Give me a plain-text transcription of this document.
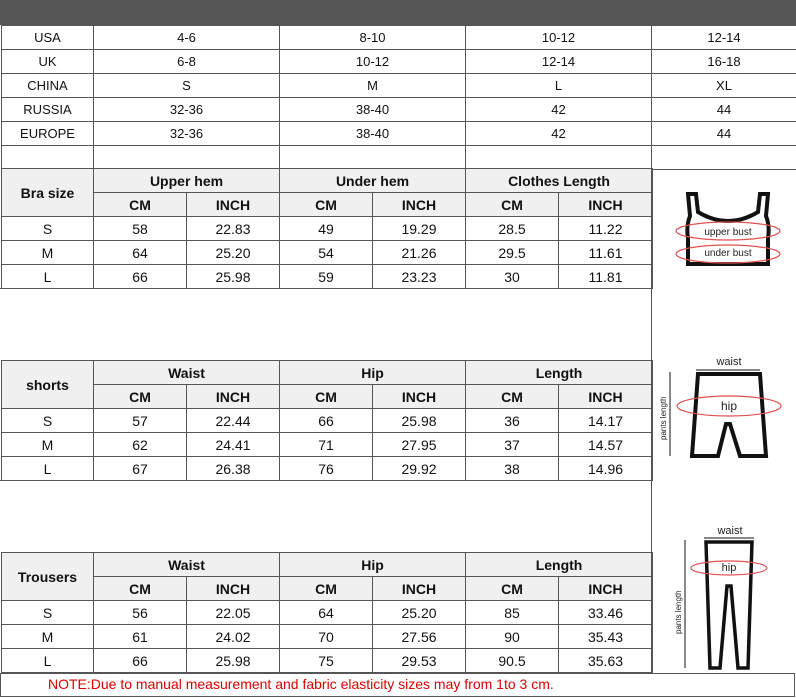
USA	4-6	8-10	10-12	12-14
UK	6-8	10-12	12-14	16-18
CHINA	S	M	L	XL
RUSSIA	32-36	38-40	42	44
EUROPE	32-36	38-40	42	44

Bra size	Upper hem		Under hem		Clothes Length	
	CM	INCH	CM	INCH	CM	INCH
S	58	22.83	49	19.29	28.5	11.22
M	64	25.20	54	21.26	29.5	11.61
L	66	25.98	59	23.23	30	11.81
shorts	Waist		Hip		Length	
	CM	INCH	CM	INCH	CM	INCH
S	57	22.44	66	25.98	36	14.17
M	62	24.41	71	27.95	37	14.57
L	67	26.38	76	29.92	38	14.96
Trousers	Waist		Hip		Length	
	CM	INCH	CM	INCH	CM	INCH
S	56	22.05	64	25.20	85	33.46
M	61	24.02	70	27.56	90	35.43
L	66	25.98	75	29.53	90.5	35.63
upper bust
under bust
waist
hip
pants length
waist
hip
pants length
NOTE:Due to manual measurement and fabric elasticity sizes may from 1to 3 cm.
